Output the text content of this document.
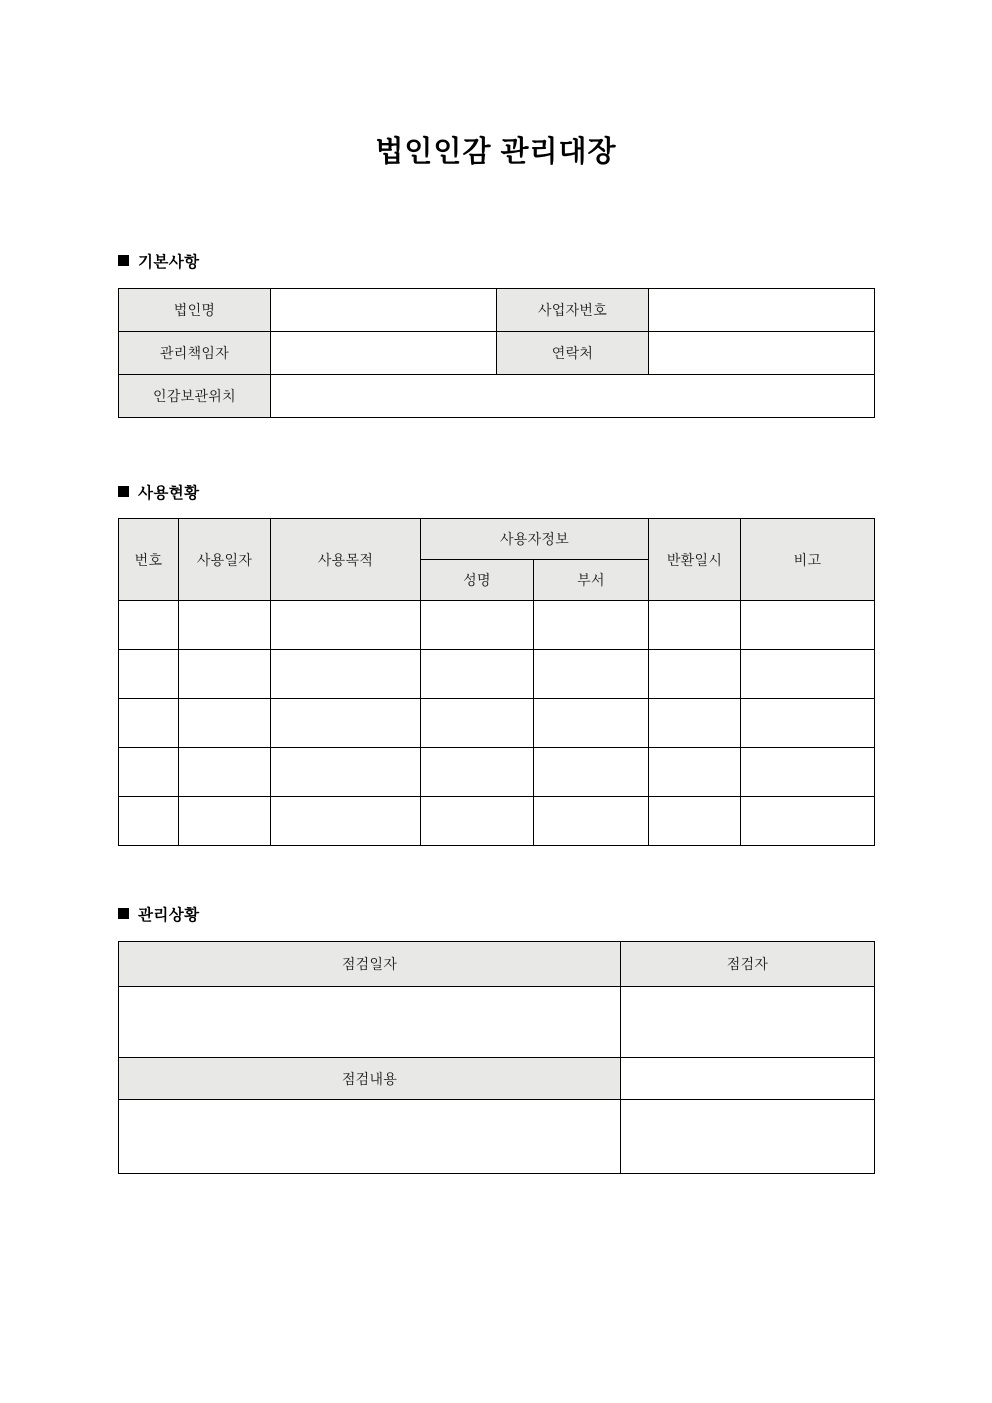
법인인감 관리대장
기본사항
법인명		사업자번호	
관리책임자		연락처	
인감보관위치			
사용현황
번호	사용일자	사용목적	사용자정보		반환일시	비고
			성명	부서		

관리상황
점검일자	점검자

점검내용	
